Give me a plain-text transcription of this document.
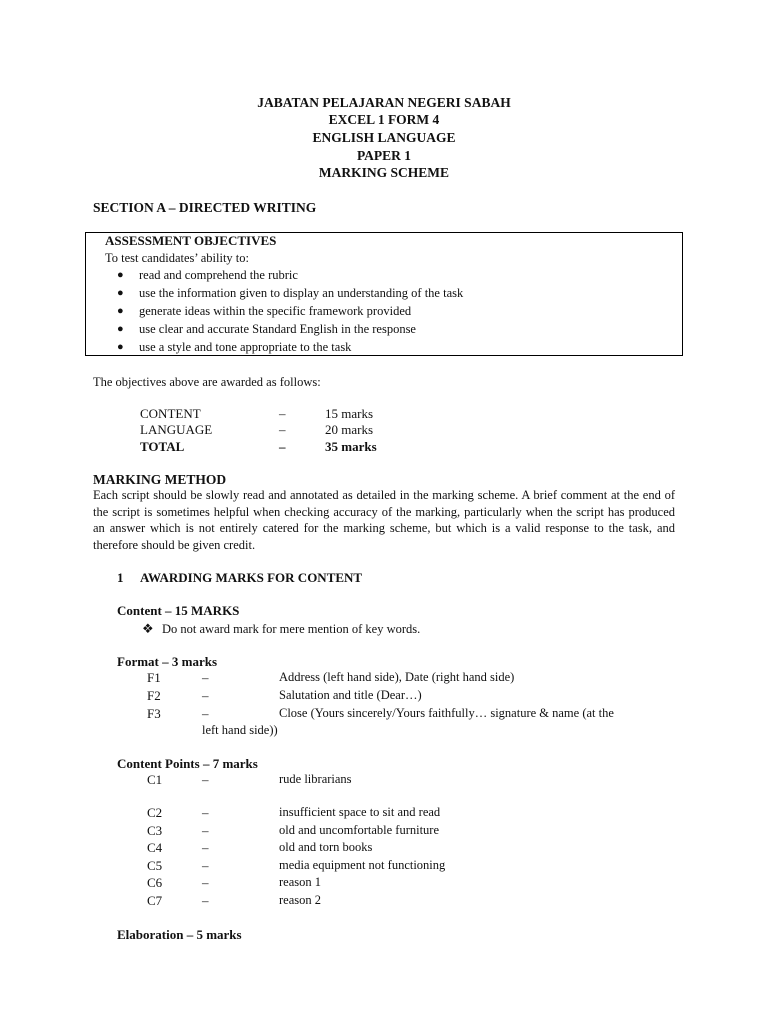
JABATAN PELAJARAN NEGERI SABAH
EXCEL 1 FORM 4
ENGLISH LANGUAGE
PAPER 1
MARKING SCHEME
SECTION A – DIRECTED WRITING
ASSESSMENT OBJECTIVES
To test candidates’ ability to:
● read and comprehend the rubric
● use the information given to display an understanding of the task
● generate ideas within the specific framework provided
● use clear and accurate Standard English in the response
● use a style and tone appropriate to the task
The objectives above are awarded as follows:
CONTENT	–	15 marks
LANGUAGE	–	20 marks
TOTAL	–	35 marks
MARKING METHOD
Each script should be slowly read and annotated as detailed in the marking scheme. A brief comment at the end of the script is sometimes helpful when checking accuracy of the marking, particularly when the script has produced an answer which is not entirely catered for the marking scheme, but which is a valid response to the task, and therefore should be given credit.
1 AWARDING MARKS FOR CONTENT
Content – 15 MARKS
❖ Do not award mark for mere mention of key words.
Format – 3 marks
F1	–	Address (left hand side), Date (right hand side)
F2	–	Salutation and title (Dear…)
F3	–	Close (Yours sincerely/Yours faithfully… signature & name (at the
left hand side))
Content Points – 7 marks
C1	–	rude librarians
C2	–	insufficient space to sit and read
C3	–	old and uncomfortable furniture
C4	–	old and torn books
C5	–	media equipment not functioning
C6	–	reason 1
C7	–	reason 2
Elaboration – 5 marks
